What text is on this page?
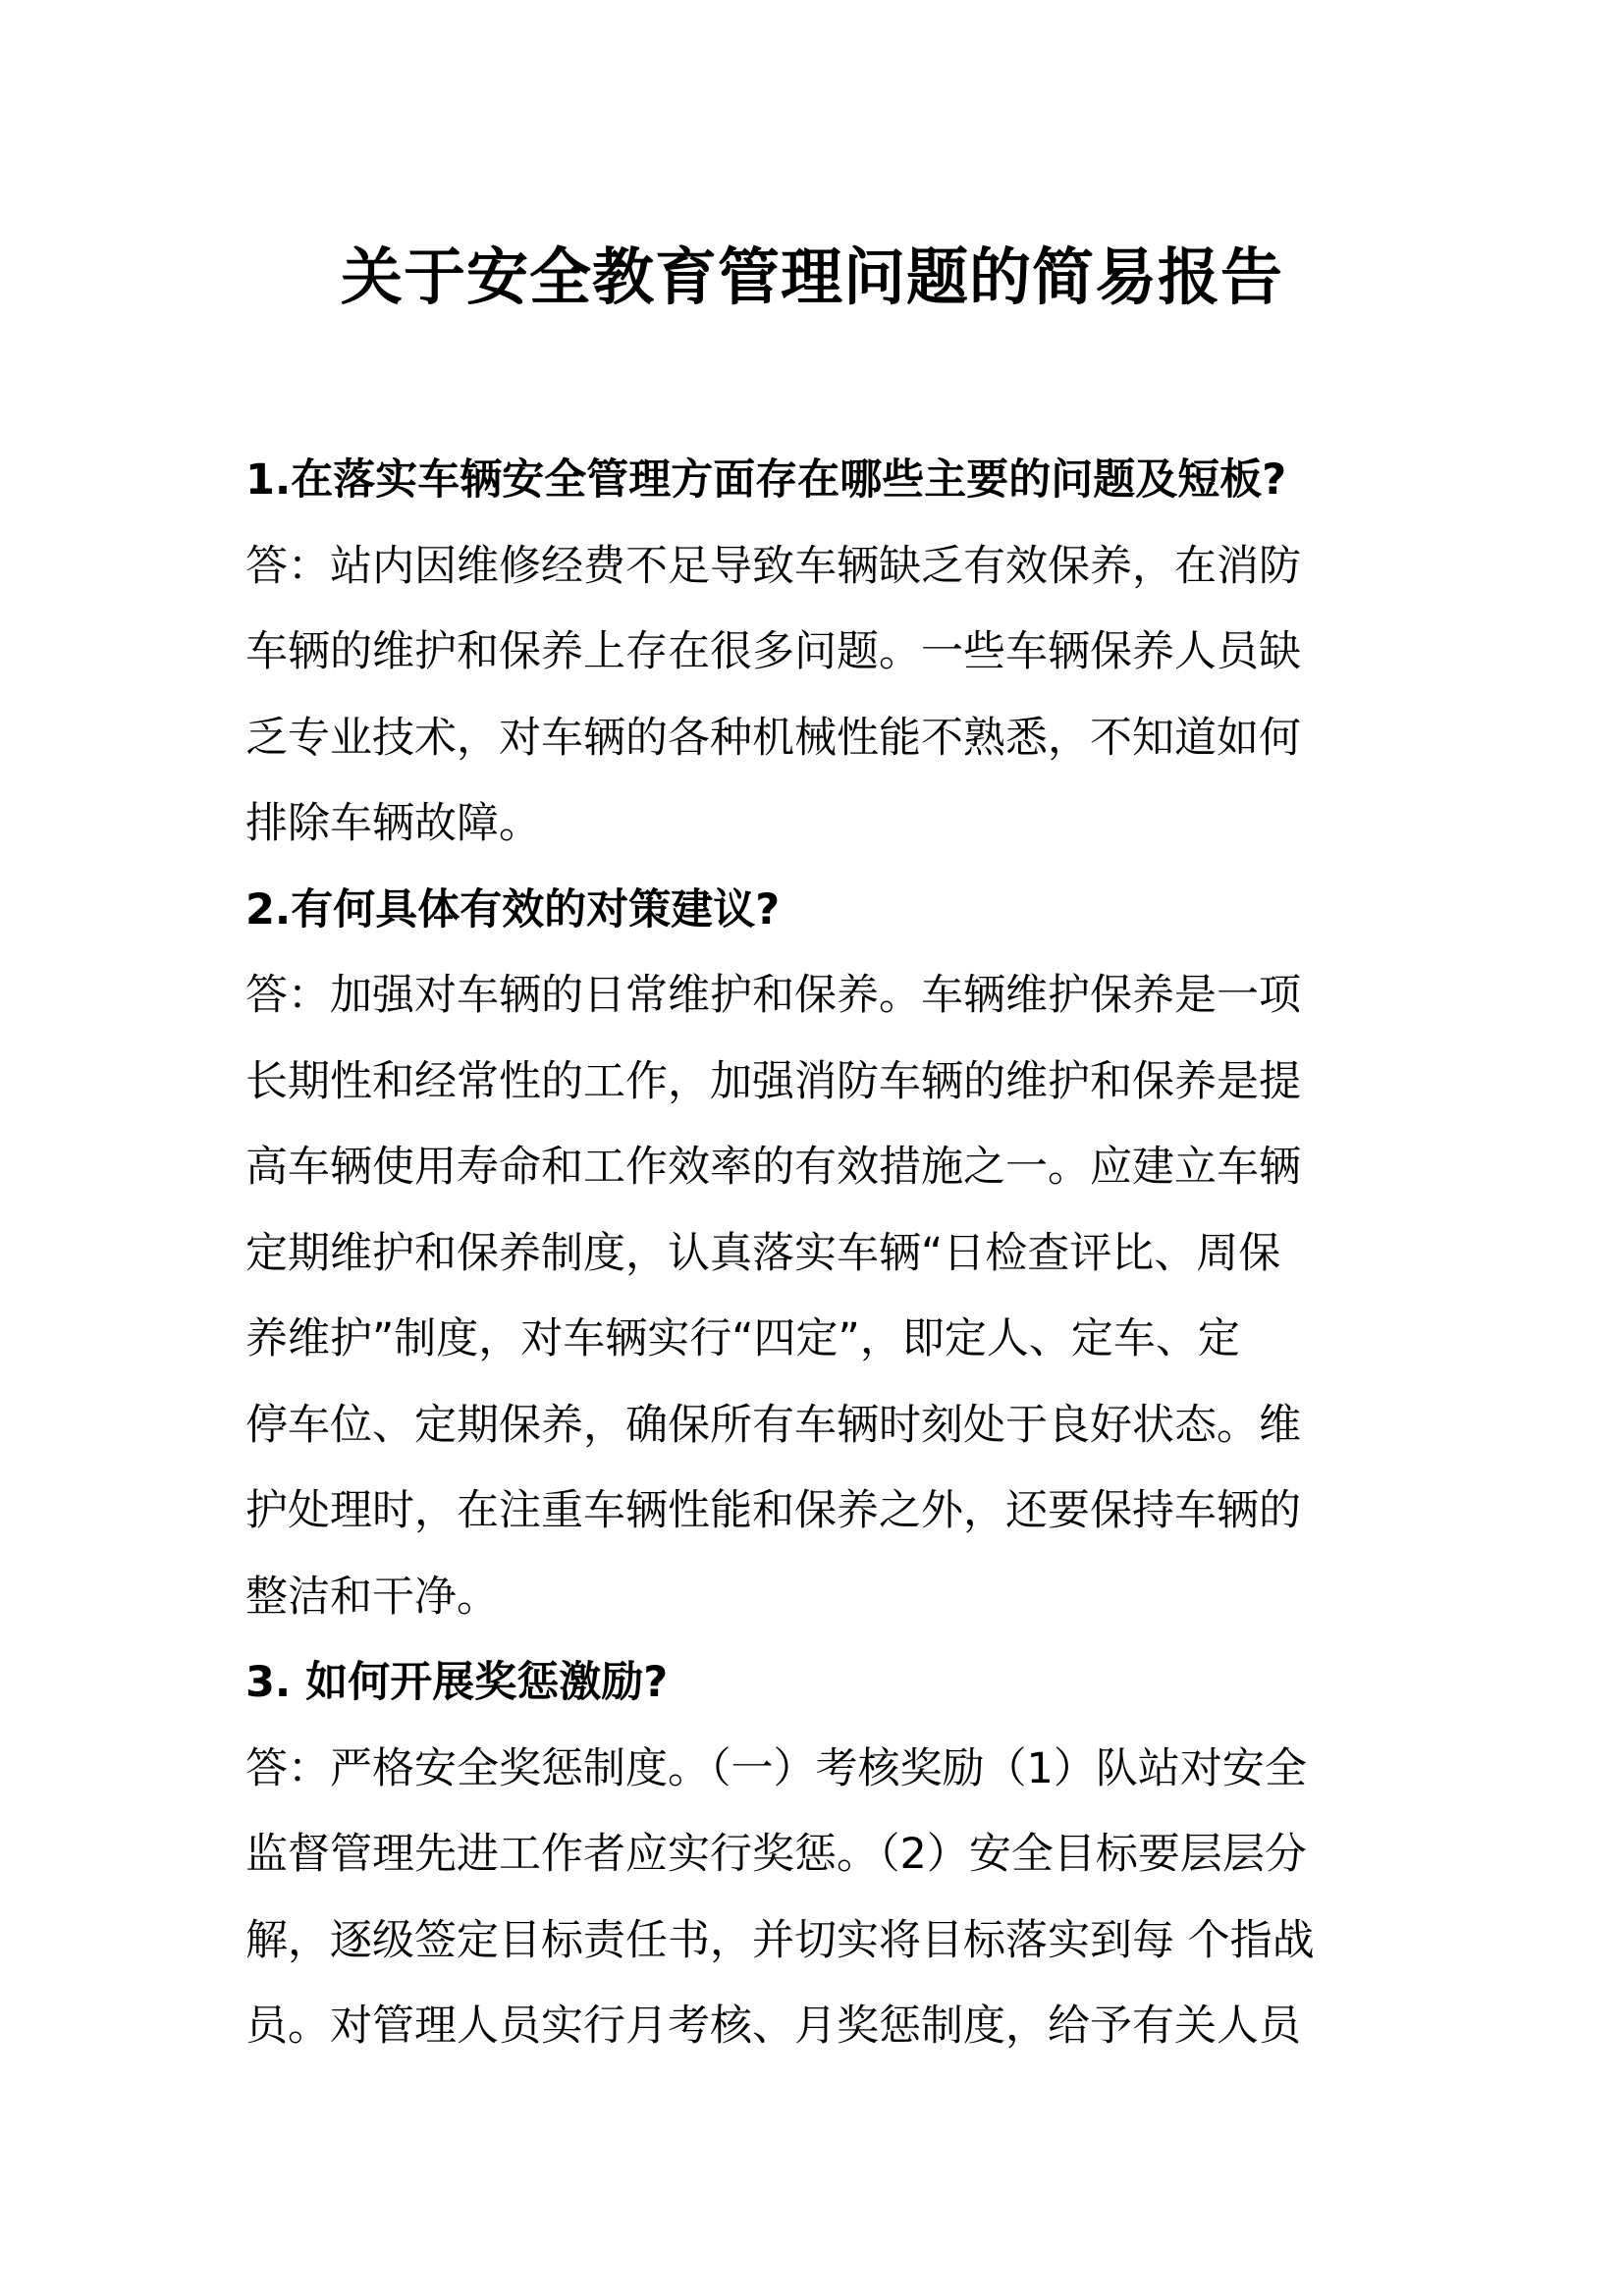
关于安全教育管理问题的简易报告

1.在落实车辆安全管理方面存在哪些主要的问题及短板?

答：站内因维修经费不足导致车辆缺乏有效保养，在消防

车辆的维护和保养上存在很多问题。一些车辆保养人员缺

乏专业技术，对车辆的各种机械性能不熟悉，不知道如何

排除车辆故障。

2.有何具体有效的对策建议?

答：加强对车辆的日常维护和保养。车辆维护保养是一项

长期性和经常性的工作，加强消防车辆的维护和保养是提

高车辆使用寿命和工作效率的有效措施之一。应建立车辆

定期维护和保养制度，认真落实车辆“日检查评比、周保

养维护”制度，对车辆实行“四定”，即定人、定车、定

停车位、定期保养，确保所有车辆时刻处于良好状态。维

护处理时，在注重车辆性能和保养之外，还要保持车辆的

整洁和干净。

3. 如何开展奖惩激励?

答：严格安全奖惩制度。（一）考核奖励（1）队站对安全

监督管理先进工作者应实行奖惩。（2）安全目标要层层分

解，逐级签定目标责任书，并切实将目标落实到每 个指战

员。对管理人员实行月考核、月奖惩制度，给予有关人员
